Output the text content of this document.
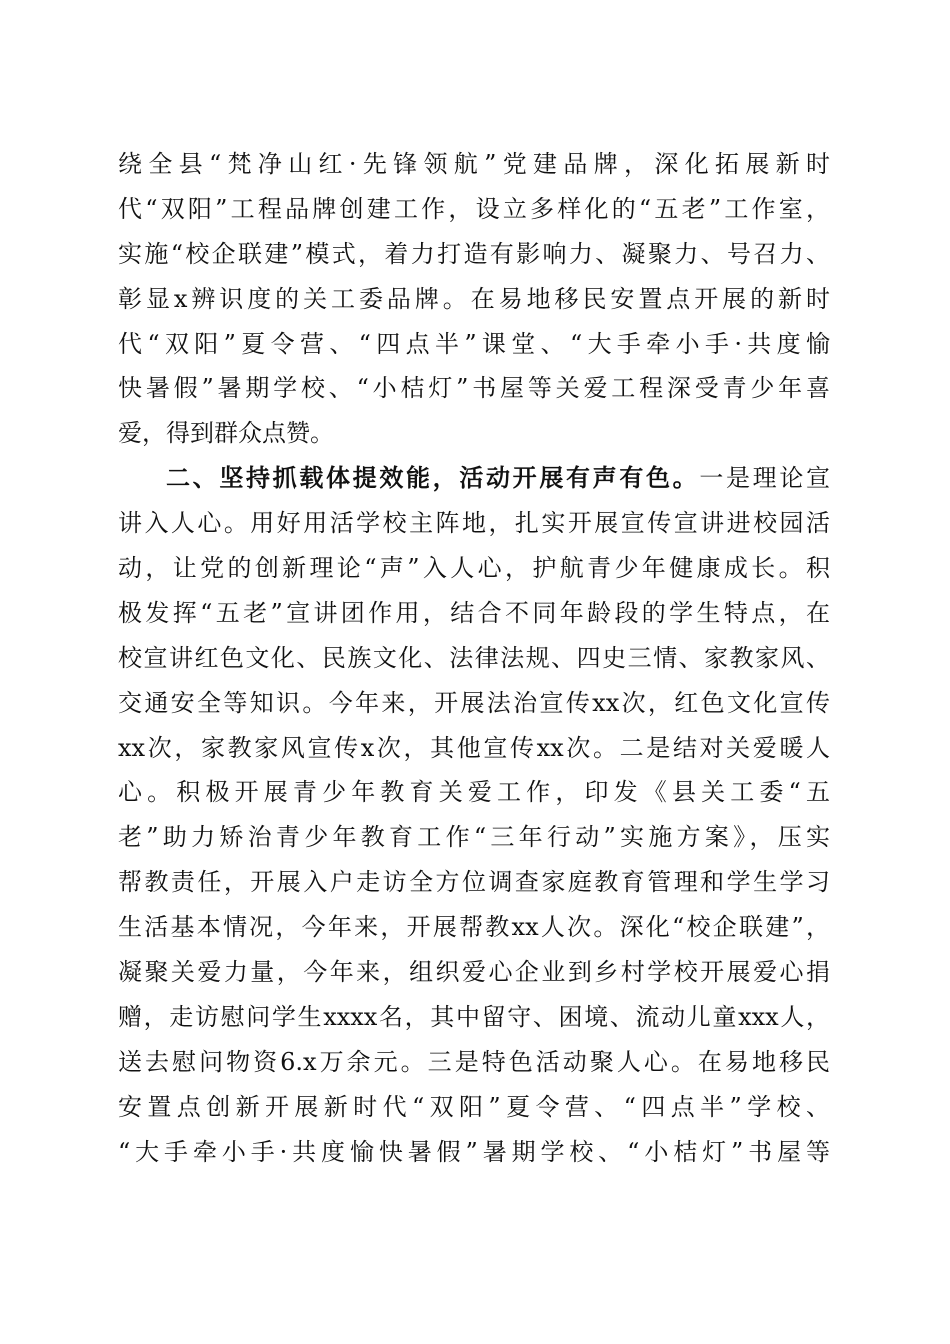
绕全县“梵净山红·先锋领航”党建品牌，深化拓展新时
代“双阳”工程品牌创建工作，设立多样化的“五老”工作室，
实施“校企联建”模式，着力打造有影响力、凝聚力、号召力、
彰显x辨识度的关工委品牌。在易地移民安置点开展的新时
代“双阳”夏令营、“四点半”课堂、“大手牵小手·共度愉
快暑假”暑期学校、“小桔灯”书屋等关爱工程深受青少年喜
爱，得到群众点赞。
二、坚持抓载体提效能，活动开展有声有色。一是理论宣
讲入人心。用好用活学校主阵地，扎实开展宣传宣讲进校园活
动，让党的创新理论“声”入人心，护航青少年健康成长。积
极发挥“五老”宣讲团作用，结合不同年龄段的学生特点，在
校宣讲红色文化、民族文化、法律法规、四史三情、家教家风、
交通安全等知识。今年来，开展法治宣传xx次，红色文化宣传
xx次，家教家风宣传x次，其他宣传xx次。二是结对关爱暖人
心。积极开展青少年教育关爱工作，印发《县关工委“五
老”助力矫治青少年教育工作“三年行动”实施方案》，压实
帮教责任，开展入户走访全方位调查家庭教育管理和学生学习
生活基本情况，今年来，开展帮教xx人次。深化“校企联建”，
凝聚关爱力量，今年来，组织爱心企业到乡村学校开展爱心捐
赠，走访慰问学生xxxx名，其中留守、困境、流动儿童xxx人，
送去慰问物资6.x万余元。三是特色活动聚人心。在易地移民
安置点创新开展新时代“双阳”夏令营、“四点半”学校、
“大手牵小手·共度愉快暑假”暑期学校、“小桔灯”书屋等
